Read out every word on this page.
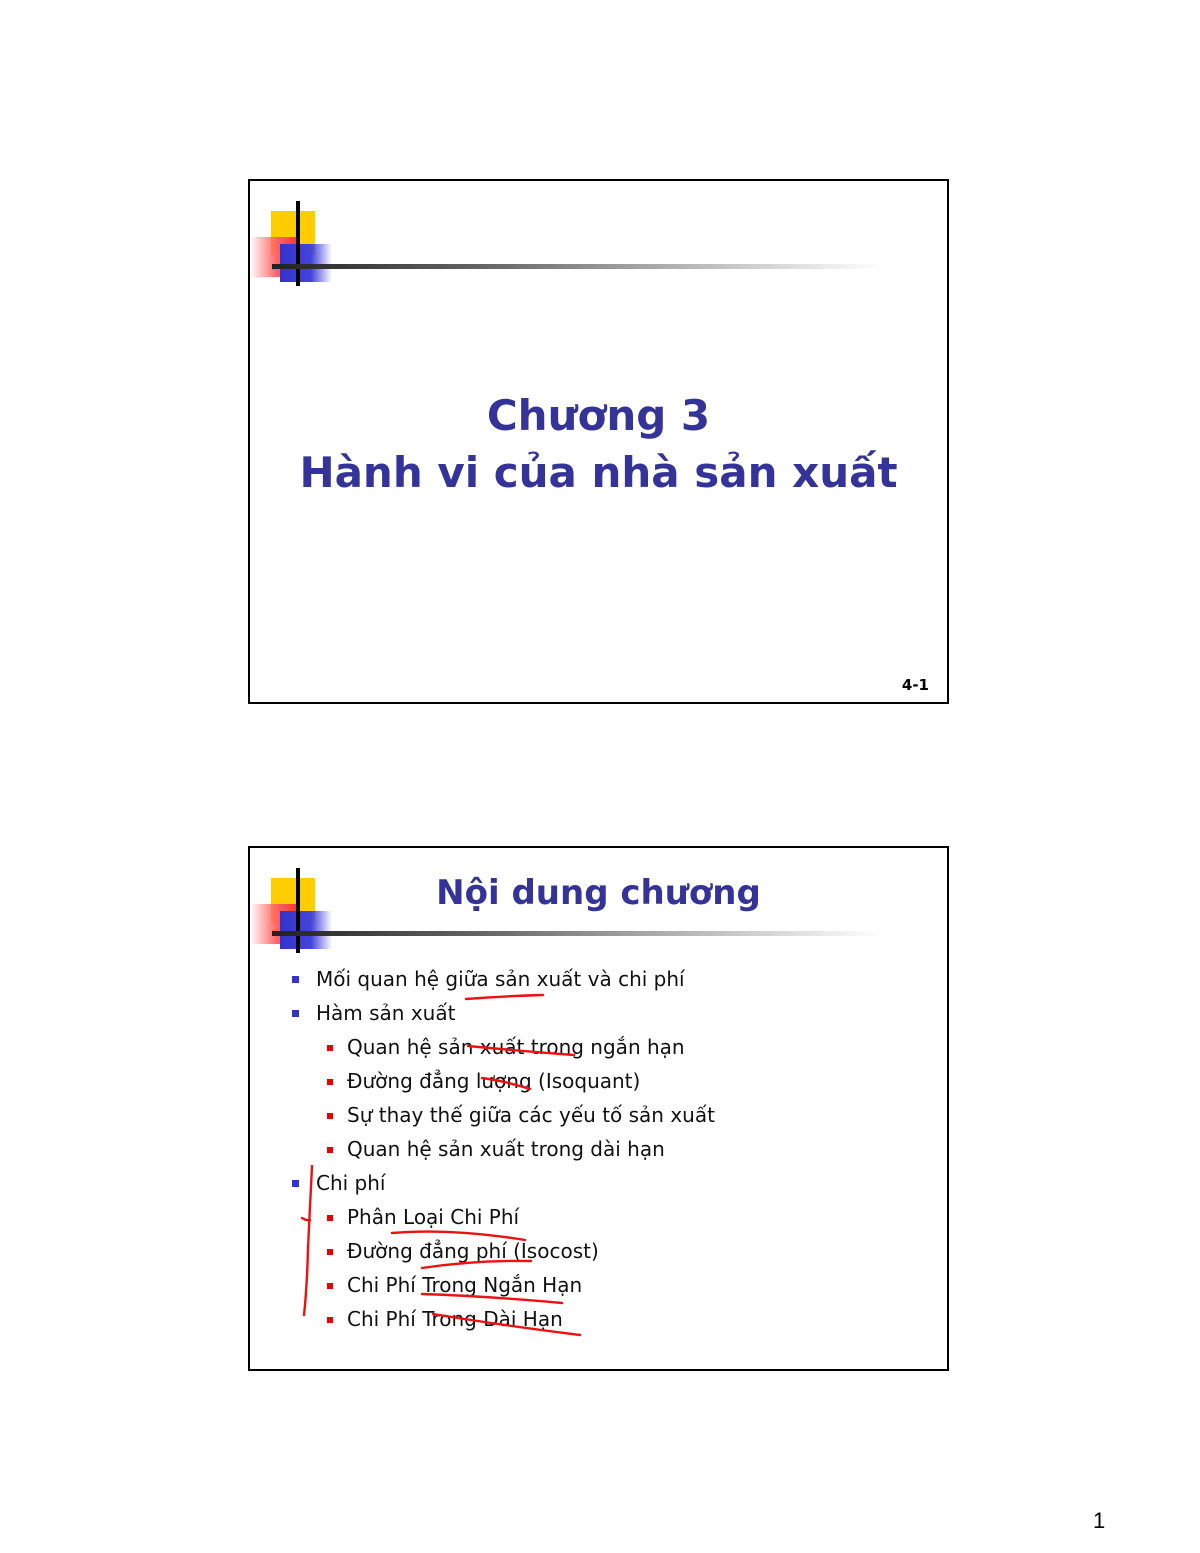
Chương 3
Hành vi của nhà sản xuất
4-1
Nội dung chương
Mối quan hệ giữa sản xuất và chi phí
Hàm sản xuất
Quan hệ sản xuất trong ngắn hạn
Đường đẳng lượng (Isoquant)
Sự thay thế giữa các yếu tố sản xuất
Quan hệ sản xuất trong dài hạn
Chi phí
Phân Loại Chi Phí
Đường đẳng phí (Isocost)
Chi Phí Trong Ngắn Hạn
Chi Phí Trong Dài Hạn
1
